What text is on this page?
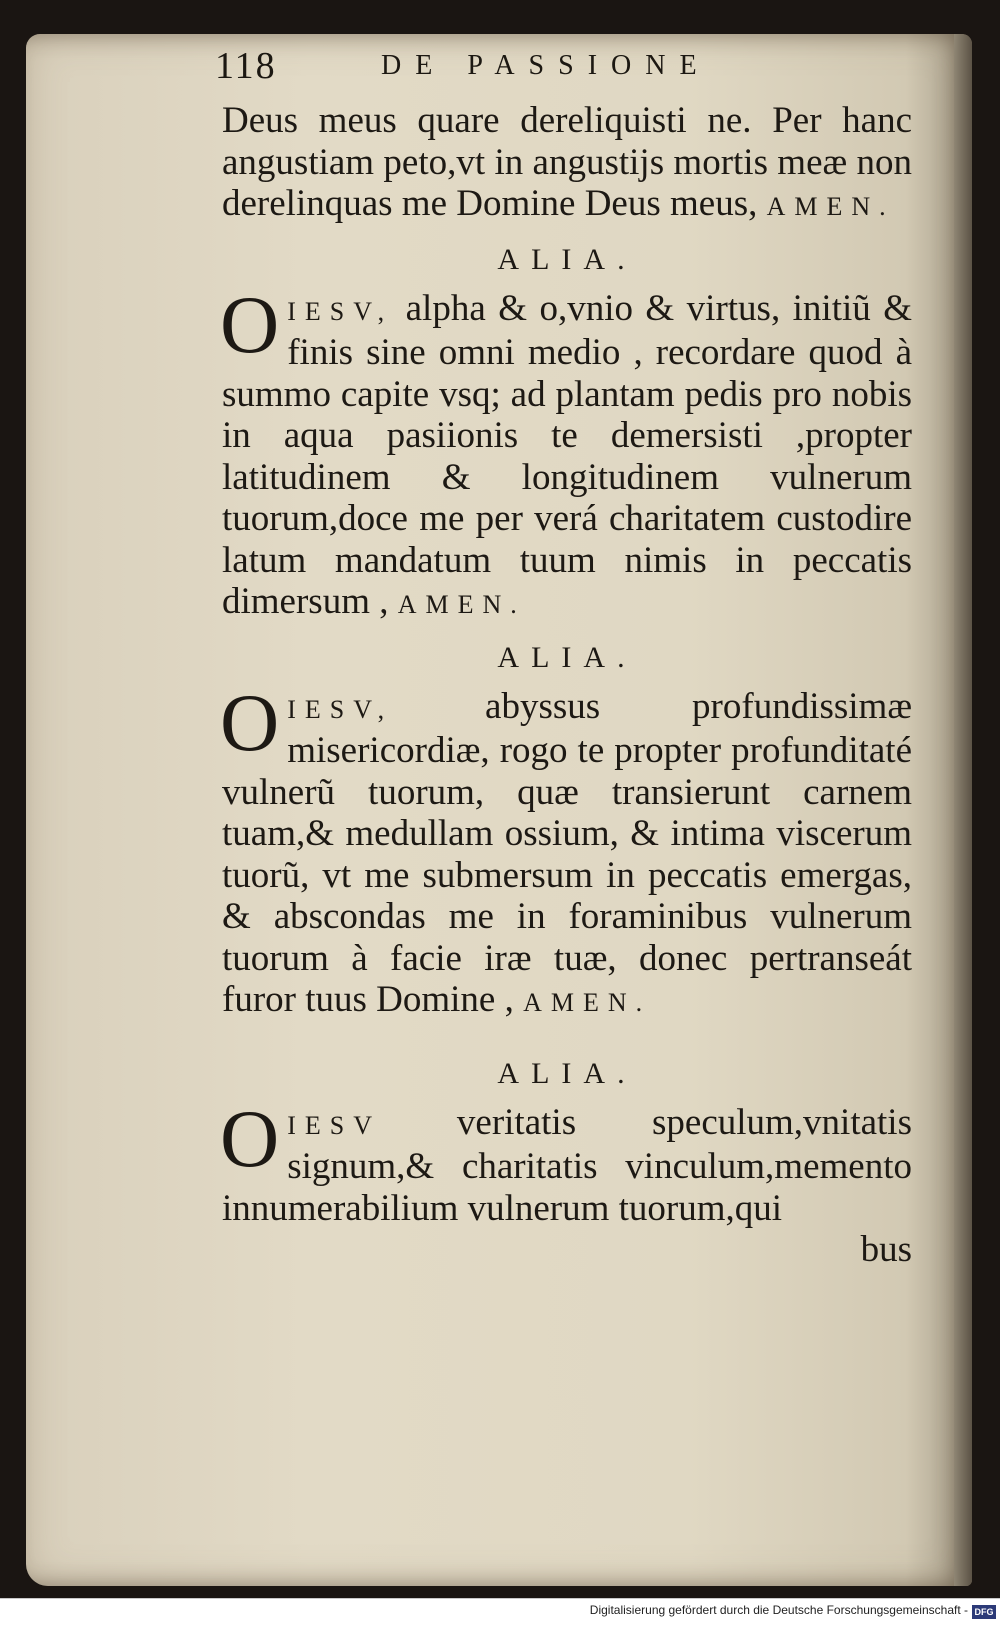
118	DE PASSIONE

Deus meus quare dereliquisti ne. Per hanc angustiam peto,vt in angustijs mortis meæ non derelinquas me Domine Deus meus, AMEN.

ALIA.

O IESV, alpha & o,vnio & virtus, initiũ & finis sine omni medio , recordare quod à summo capite vsq; ad plantam pedis pro nobis in aqua pasiionis te demersisti ,propter latitudinem & longitudinem vulnerum tuorum,doce me per verá charitatem custodire latum mandatum tuum nimis in peccatis dimersum , AMEN.

ALIA.

O IESV, abyssus profundissimæ misericordiæ, rogo te propter profunditaté vulnerũ tuorum, quæ transierunt carnem tuam,& medullam ossium, & intima viscerum tuorũ, vt me submersum in peccatis emergas, & abscondas me in foraminibus vulnerum tuorum à facie iræ tuæ, donec pertranseát furor tuus Domine , AMEN.

ALIA.

O IESV veritatis speculum,vnitatis signum,& charitatis vinculum,memento innumerabilium vulnerum tuorum,qui

bus

Digitalisierung gefördert durch die Deutsche Forschungsgemeinschaft - DFG
